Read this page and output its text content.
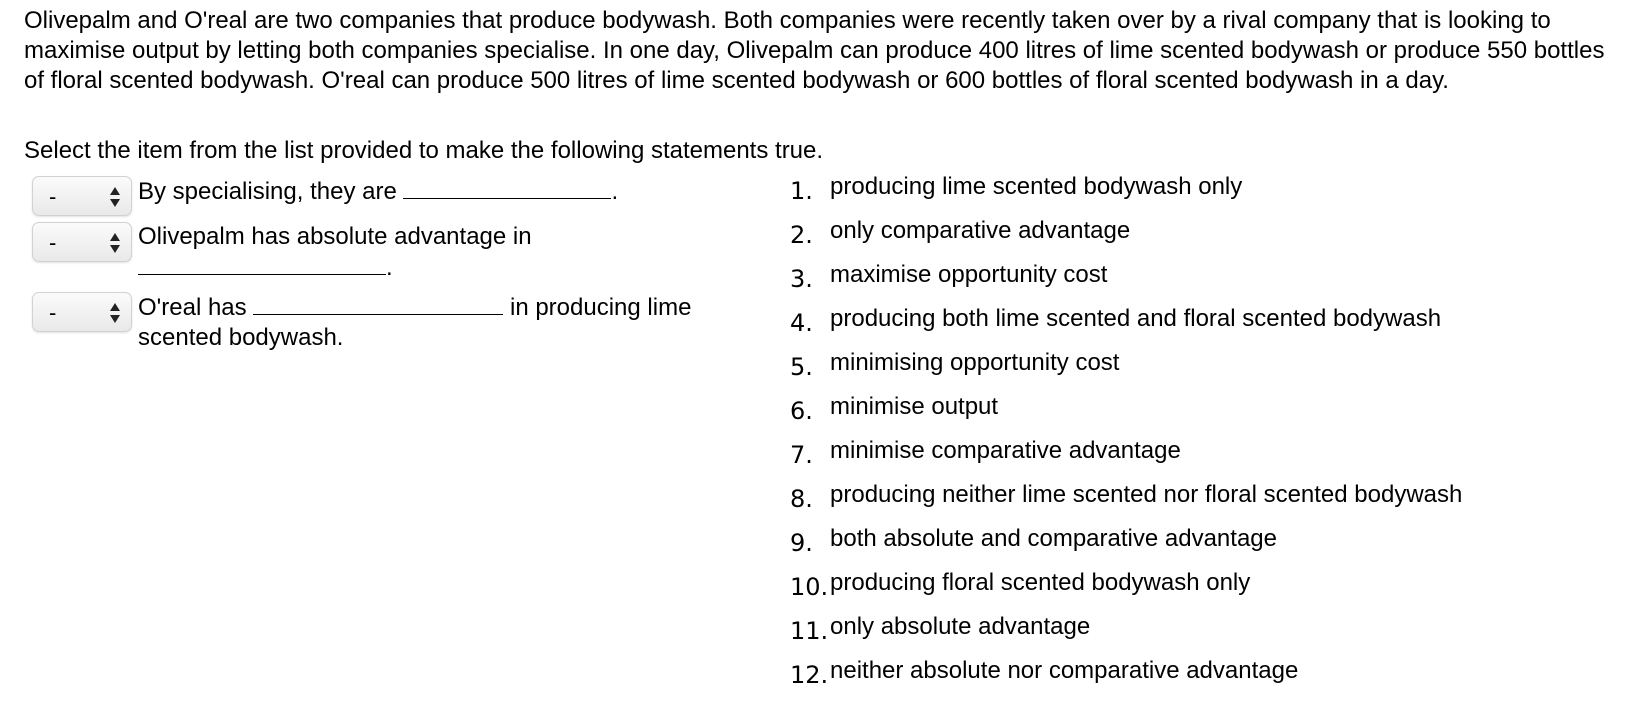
Olivepalm and O'real are two companies that produce bodywash. Both companies were recently taken over by a rival company that is looking to maximise output by letting both companies specialise. In one day, Olivepalm can produce 400 litres of lime scented bodywash or produce 550 bottles of floral scented bodywash. O'real can produce 500 litres of lime scented bodywash or 600 bottles of floral scented bodywash in a day.

Select the item from the list provided to make the following statements true.

-	By specialising, they are	.
-	Olivepalm has absolute advantage in .
-	O'real has	in producing lime scented bodywash.
1. producing lime scented bodywash only
2. only comparative advantage
3. maximise opportunity cost
4. producing both lime scented and floral scented bodywash
5. minimising opportunity cost
6. minimise output
7. minimise comparative advantage
8. producing neither lime scented nor floral scented bodywash
9. both absolute and comparative advantage
10. producing floral scented bodywash only
11. only absolute advantage
12. neither absolute nor comparative advantage
